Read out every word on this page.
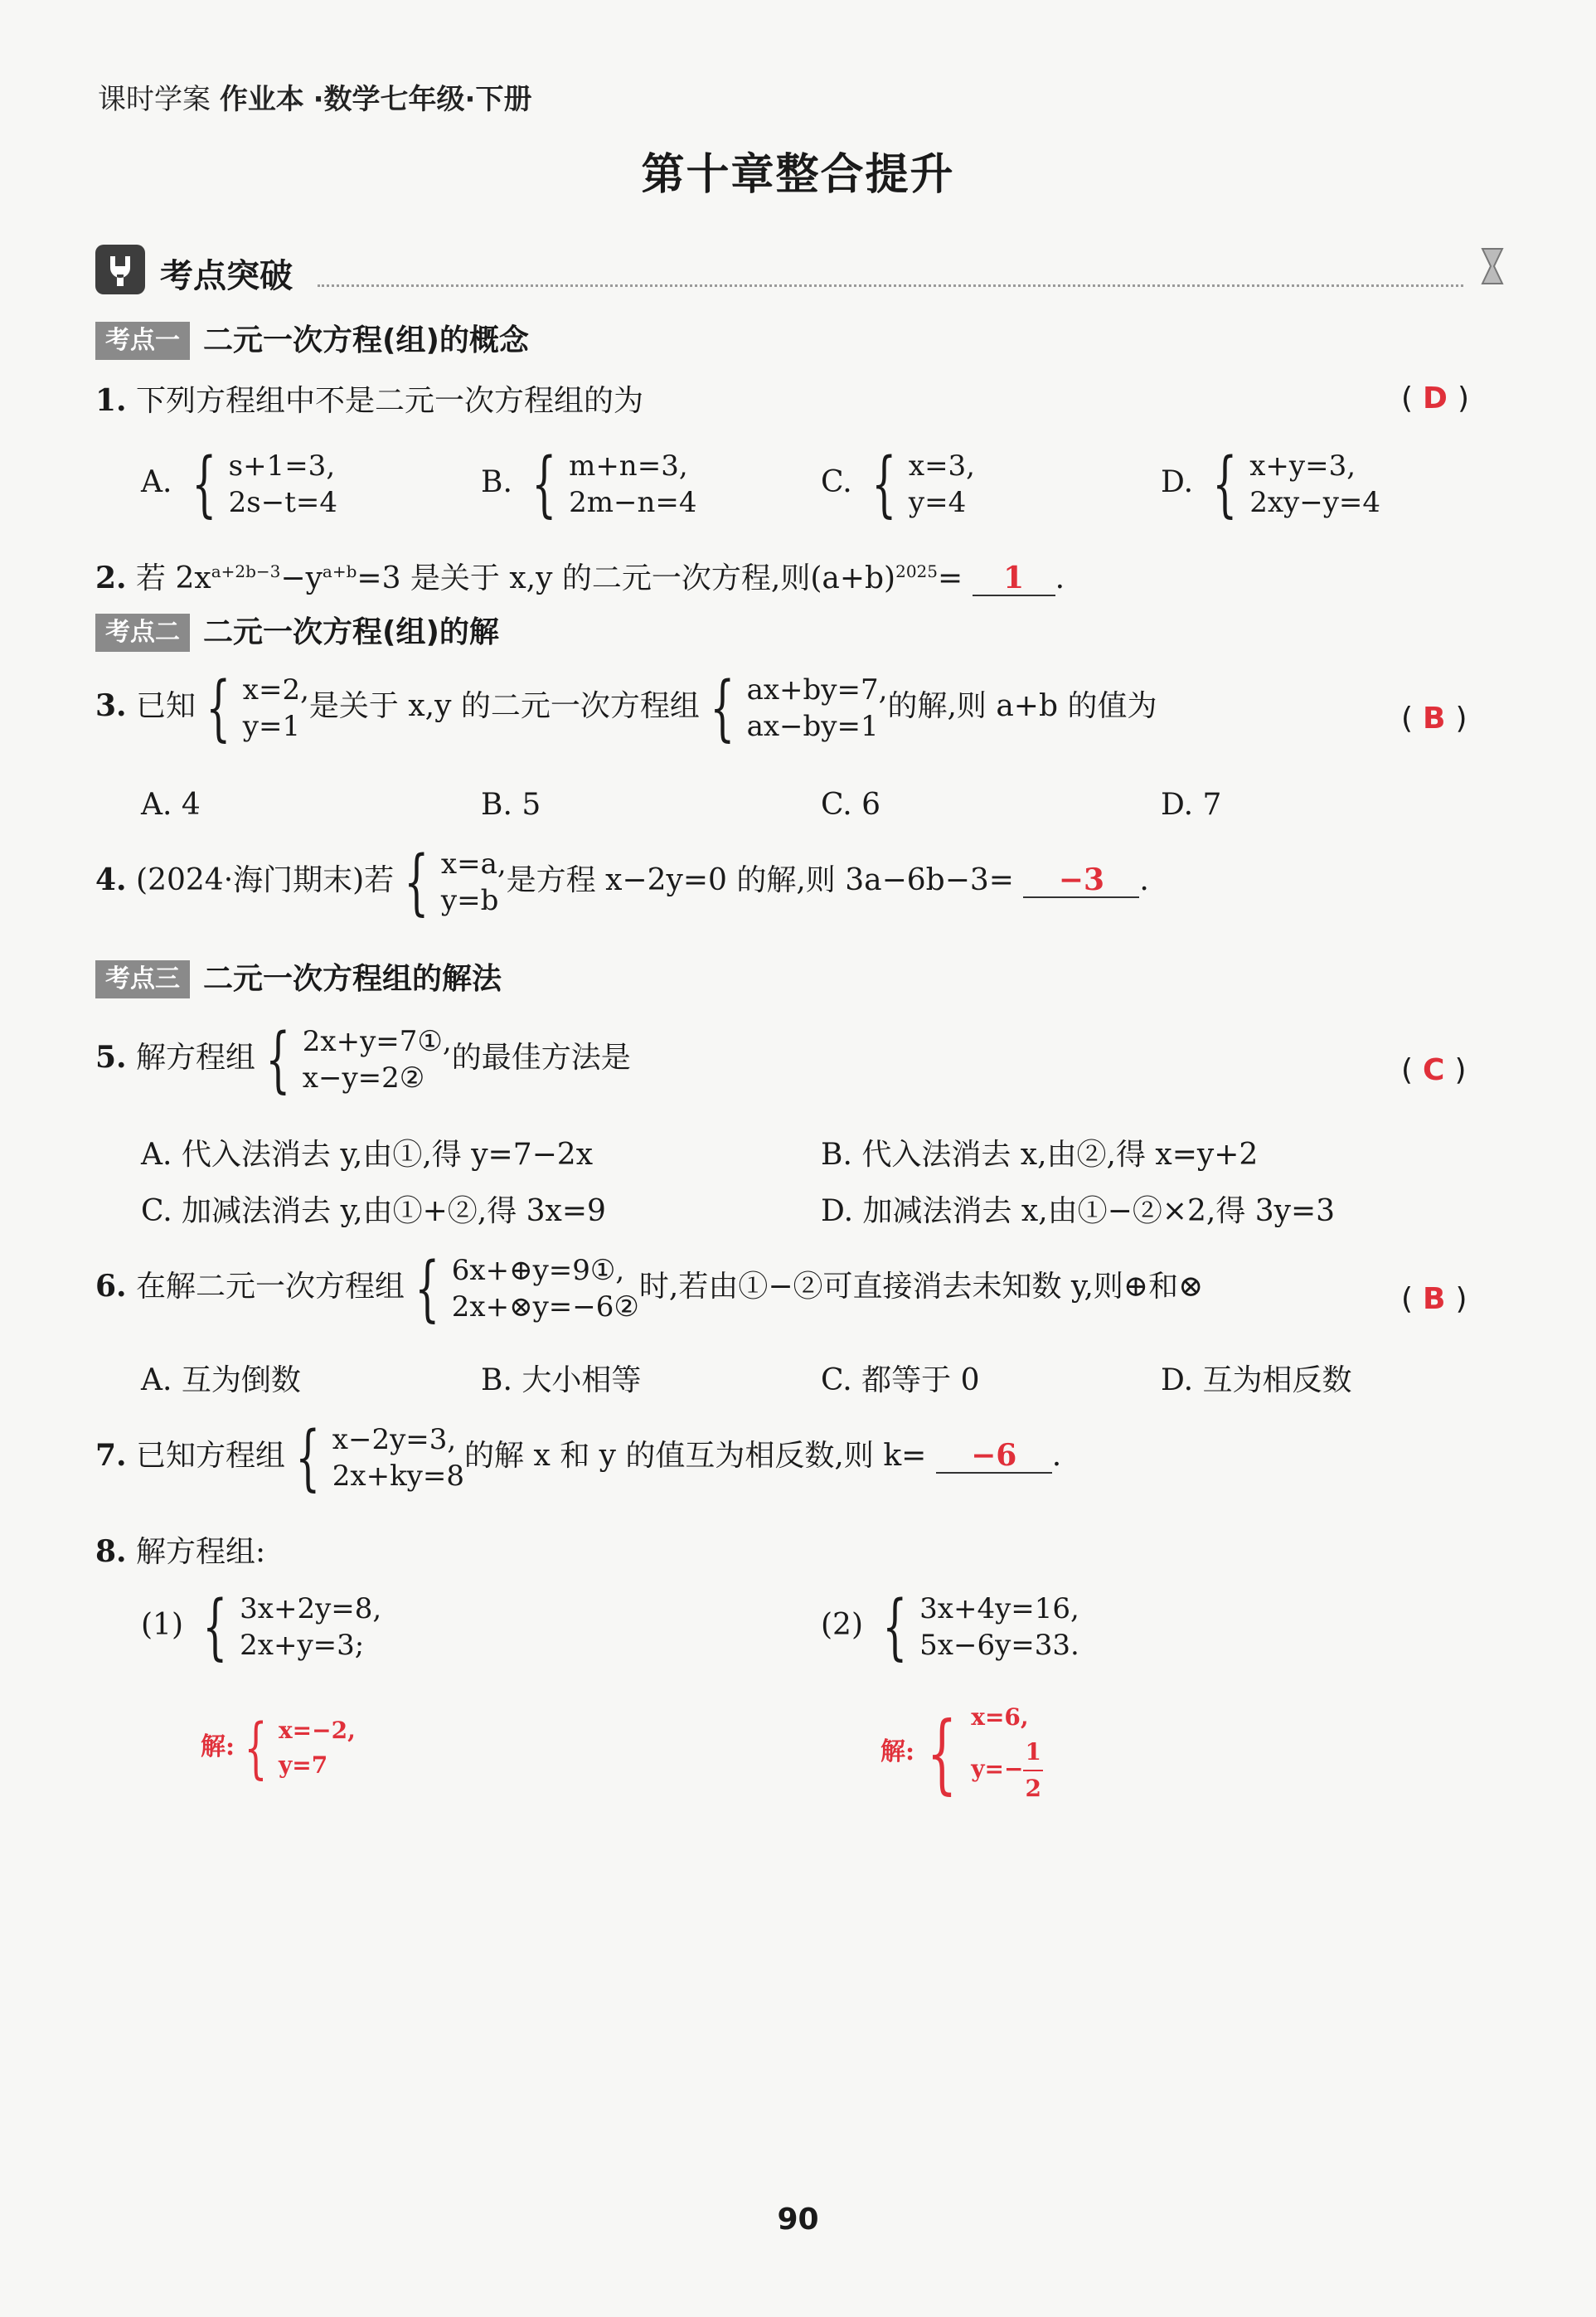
课时学案 作业本 ·数学七年级·下册
第十章整合提升
考点突破
考点一 二元一次方程(组)的概念
1. 下列方程组中不是二元一次方程组的为	( D )
A. { s+1=3,
2s−t=4
B. { m+n=3,
2m−n=4
C. { x=3,
y=4
D. { x+y=3,
2xy−y=4
2. 若 $2x^{a+2b-3}-y^{a+b}=3$ 是关于 x,y 的二元一次方程,则$(a+b)^{2025}= 1$ .
考点二 二元一次方程(组)的解
3. 已知 { x=2,
y=1
是关于 x,y 的二元一次方程组 { ax+by=7,
ax−by=1
的解,则 a+b 的值为	( B )
A. 4	B. 5	C. 6	D. 7
4. (2024·海门期末)若 { x=a,
y=b
是方程 x−2y=0 的解,则 3a−6b−3= −3 .
考点三 二元一次方程组的解法
5. 解方程组 { 2x+y=7①,
x−y=2②
的最佳方法是	( C )
A. 代入法消去 y,由①,得 y=7−2x	B. 代入法消去 x,由②,得 x=y+2
C. 加减法消去 y,由①+②,得 3x=9	D. 加减法消去 x,由①−②×2,得 3y=3
6. 在解二元一次方程组 { 6x+⊕y=9①,
2x+⊗y=−6②
时,若由①−②可直接消去未知数 y,则⊕和⊗	( B )
A. 互为倒数	B. 大小相等	C. 都等于 0	D. 互为相反数
7. 已知方程组 { x−2y=3,
2x+ky=8
的解 x 和 y 的值互为相反数,则 k= −6 .
8. 解方程组:
(1) { 3x+2y=8,
2x+y=3;
(2) { 3x+4y=16,
5x−6y=33.
解: { x=−2,
y=7	解: { x=6,
$y=- \frac{1}{2}$
90
